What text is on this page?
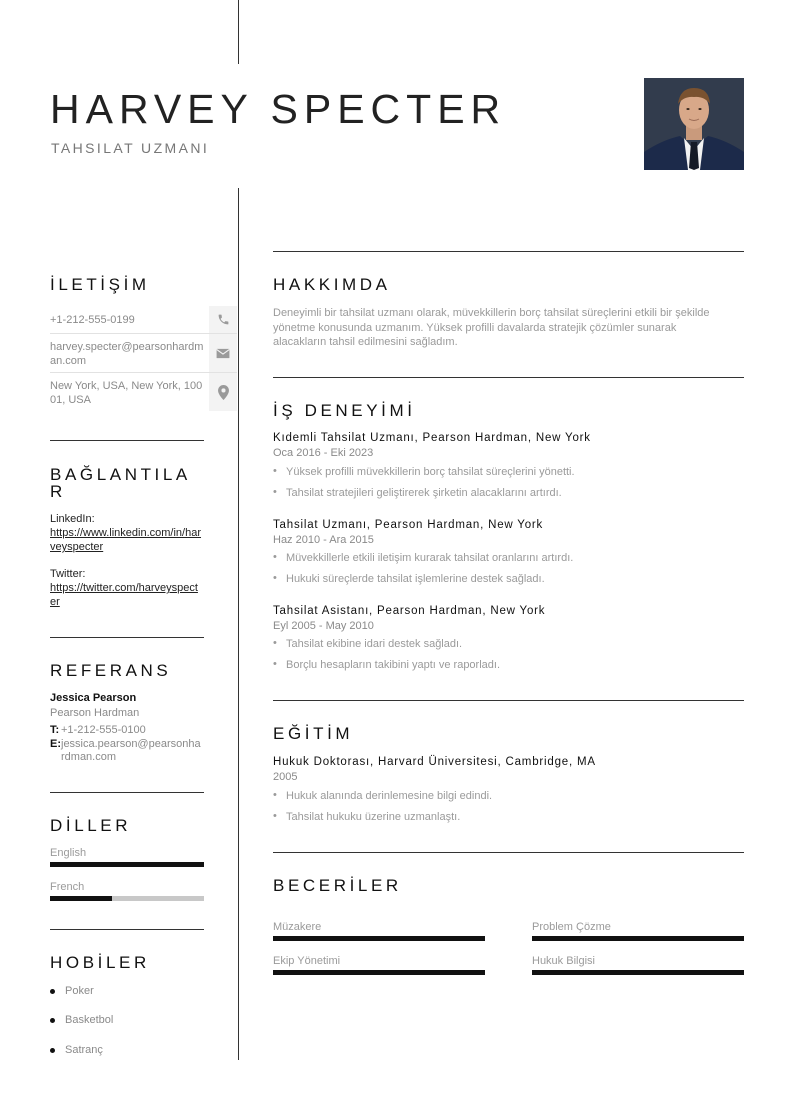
HARVEY SPECTER
TAHSILAT UZMANI
İLETİŞİM
+1-212-555-0199
harvey.specter@pearsonhardman.com
New York, USA, New York, 10001, USA
BAĞLANTILA
R
LinkedIn:
https://www.linkedin.com/in/harveyspecter
Twitter:
https://twitter.com/harveyspecter
REFERANS
Jessica Pearson
Pearson Hardman
T: +1-212-555-0100
E: jessica.pearson@pearsonhardman.com
DİLLER
English
French
HOBİLER
Poker
Basketbol
Satranç
HAKKIMDA
Deneyimli bir tahsilat uzmanı olarak, müvekkillerin borç tahsilat süreçlerini etkili bir şekilde yönetme konusunda uzmanım. Yüksek profilli davalarda stratejik çözümler sunarak alacakların tahsil edilmesini sağladım.
İŞ DENEYİMİ
Kıdemli Tahsilat Uzmanı, Pearson Hardman, New York
Oca 2016 - Eki 2023
• Yüksek profilli müvekkillerin borç tahsilat süreçlerini yönetti.
• Tahsilat stratejileri geliştirerek şirketin alacaklarını artırdı.
Tahsilat Uzmanı, Pearson Hardman, New York
Haz 2010 - Ara 2015
• Müvekkillerle etkili iletişim kurarak tahsilat oranlarını artırdı.
• Hukuki süreçlerde tahsilat işlemlerine destek sağladı.
Tahsilat Asistanı, Pearson Hardman, New York
Eyl 2005 - May 2010
• Tahsilat ekibine idari destek sağladı.
• Borçlu hesapların takibini yaptı ve raporladı.
EĞİTİM
Hukuk Doktorası, Harvard Üniversitesi, Cambridge, MA
2005
• Hukuk alanında derinlemesine bilgi edindi.
• Tahsilat hukuku üzerine uzmanlaştı.
BECERİLER
Müzakere	Problem Çözme
Ekip Yönetimi	Hukuk Bilgisi
